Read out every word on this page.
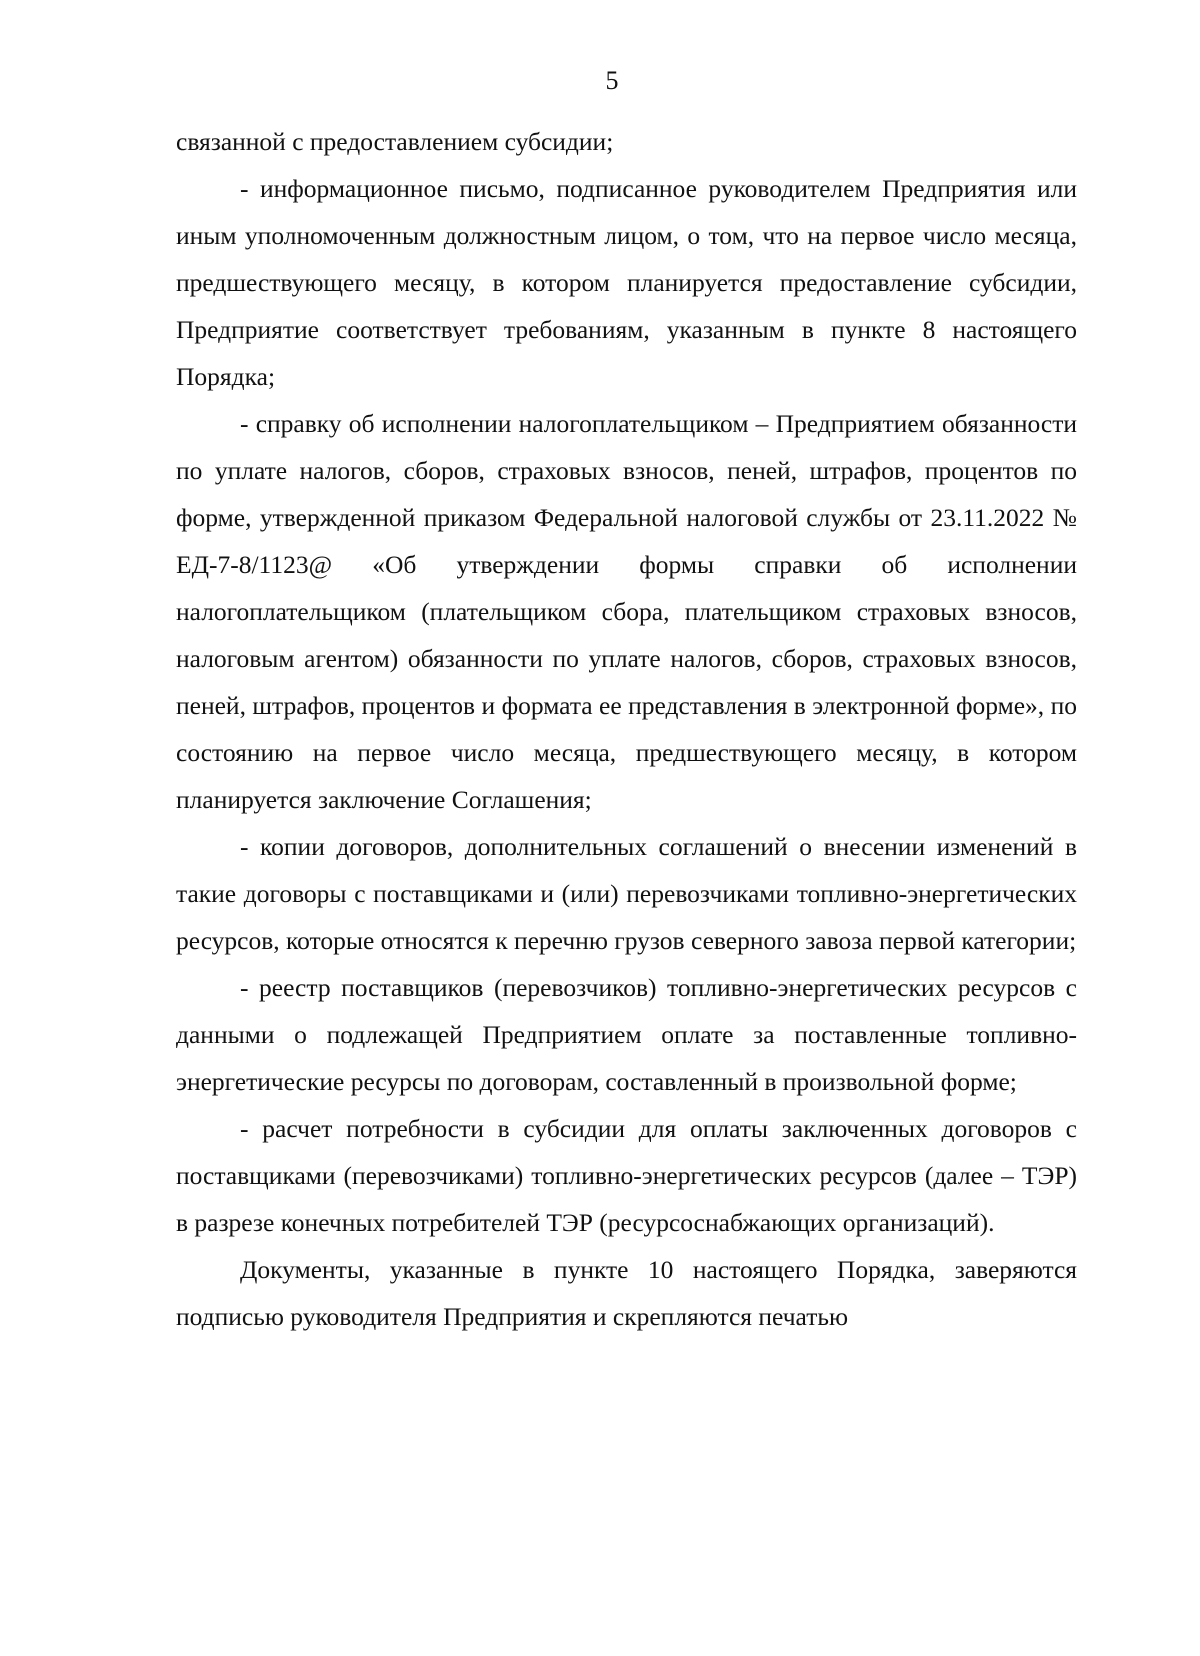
5

связанной с предоставлением субсидии;

- информационное письмо, подписанное руководителем Предприятия или иным уполномоченным должностным лицом, о том, что на первое число месяца, предшествующего месяцу, в котором планируется предоставление субсидии, Предприятие соответствует требованиям, указанным в пункте 8 настоящего Порядка;

- справку об исполнении налогоплательщиком – Предприятием обязанности по уплате налогов, сборов, страховых взносов, пеней, штрафов, процентов по форме, утвержденной приказом Федеральной налоговой службы от 23.11.2022 № ЕД-7-8/1123@ «Об утверждении формы справки об исполнении налогоплательщиком (плательщиком сбора, плательщиком страховых взносов, налоговым агентом) обязанности по уплате налогов, сборов, страховых взносов, пеней, штрафов, процентов и формата ее представления в электронной форме», по состоянию на первое число месяца, предшествующего месяцу, в котором планируется заключение Соглашения;

- копии договоров, дополнительных соглашений о внесении изменений в такие договоры с поставщиками и (или) перевозчиками топливно-энергетических ресурсов, которые относятся к перечню грузов северного завоза первой категории;

- реестр поставщиков (перевозчиков) топливно-энергетических ресурсов с данными о подлежащей Предприятием оплате за поставленные топливно-энергетические ресурсы по договорам, составленный в произвольной форме;

- расчет потребности в субсидии для оплаты заключенных договоров с поставщиками (перевозчиками) топливно-энергетических ресурсов (далее – ТЭР) в разрезе конечных потребителей ТЭР (ресурсоснабжающих организаций).

Документы, указанные в пункте 10 настоящего Порядка, заверяются подписью руководителя Предприятия и скрепляются печатью
